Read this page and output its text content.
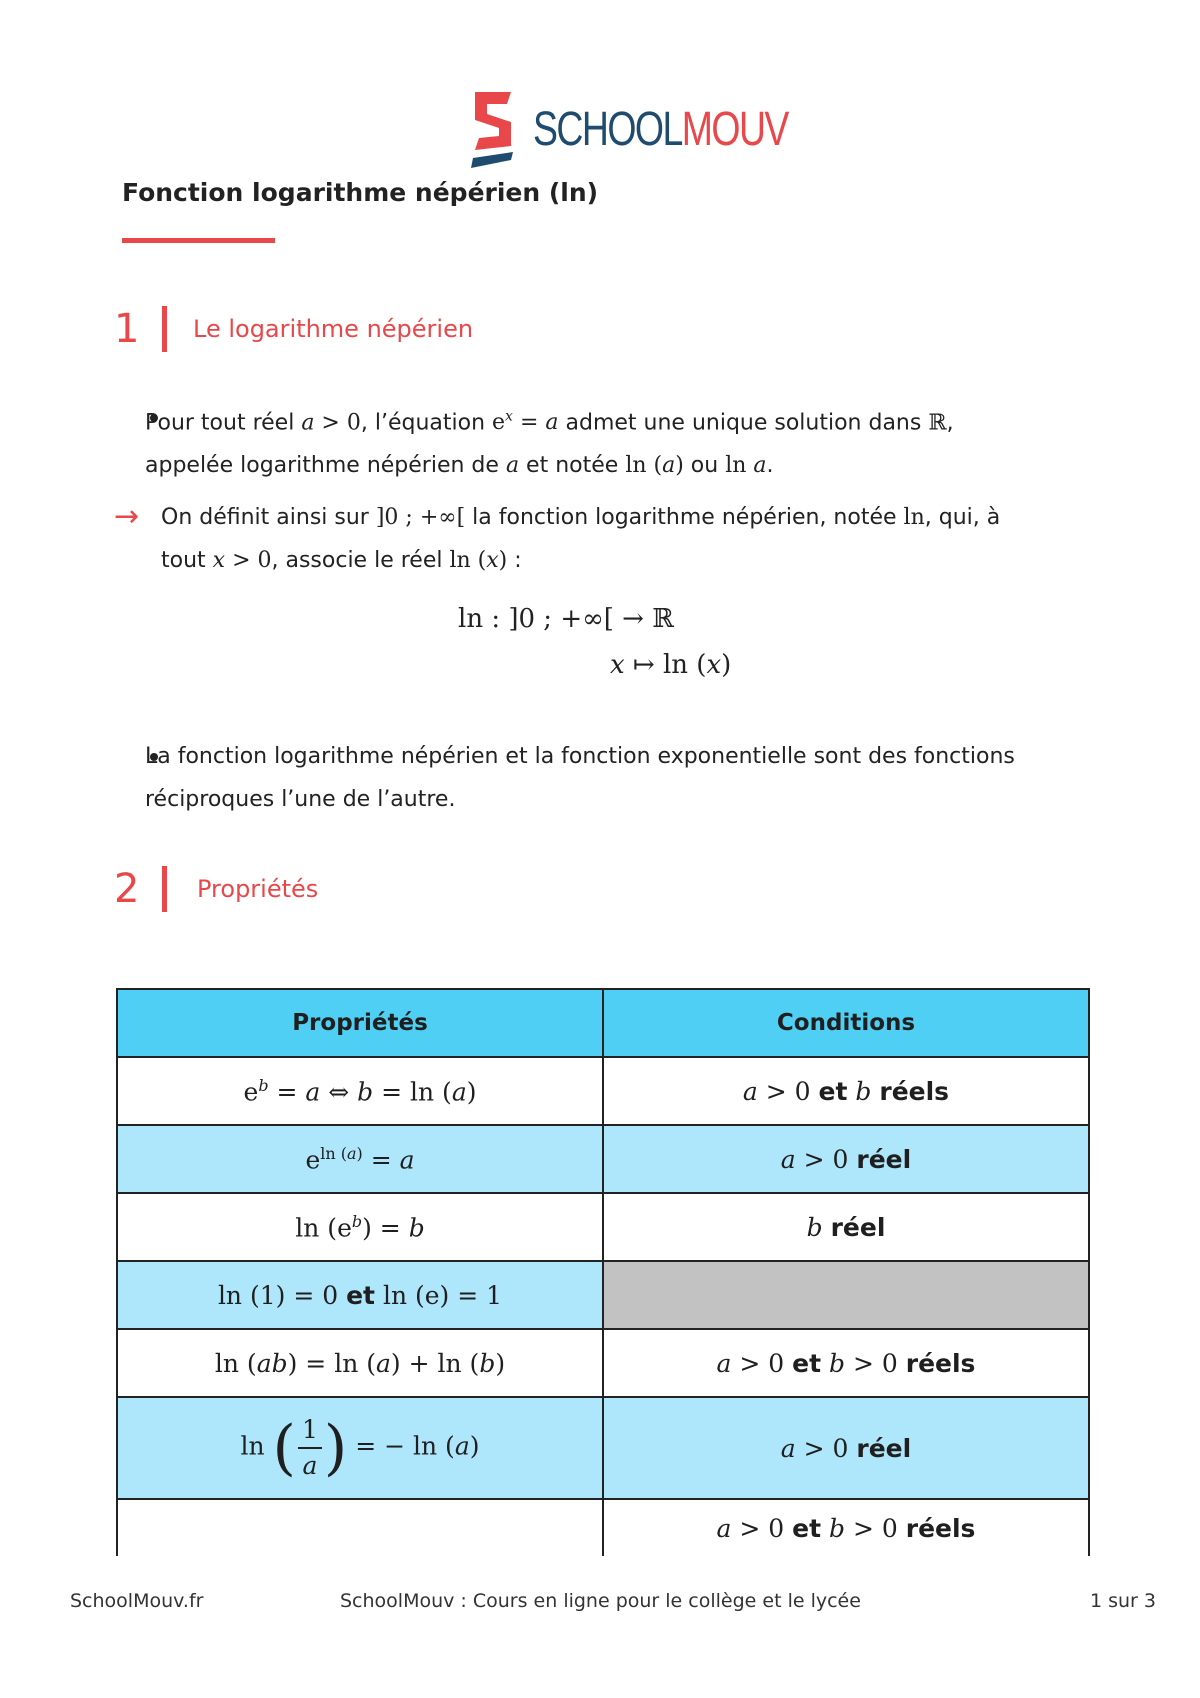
SCHOOLMOUV
Fonction logarithme népérien (ln)
1	Le logarithme népérien
Pour tout réel a > 0, l’équation $e^x = a$ admet une unique solution dans ℝ,
appelée logarithme népérien de a et notée ln (a) ou ln a.
→ On définit ainsi sur ]0 ; +∞[ la fonction logarithme népérien, notée ln, qui, à
tout x > 0, associe le réel ln (x) :
ln : ]0 ; +∞[ → ℝ
x ↦ ln (x)
La fonction logarithme népérien et la fonction exponentielle sont des fonctions
réciproques l’une de l’autre.
2	Propriétés
Propriétés	Conditions
$e^b = a$ ⇔ b = ln (a)	a > 0 et b réels
$e^{ln (a)} = a$	a > 0 réel
$\ln (e^b) = b$	b réel
ln (1) = 0 et ln (e) = 1	
ln (ab) = ln (a) + ln (b)	a > 0 et b > 0 réels
ln ( $\frac{1}{a}$ ) = − ln (a)	a > 0 réel
	a > 0 et b > 0 réels
SchoolMouv.fr	SchoolMouv : Cours en ligne pour le collège et le lycée	1 sur 3
